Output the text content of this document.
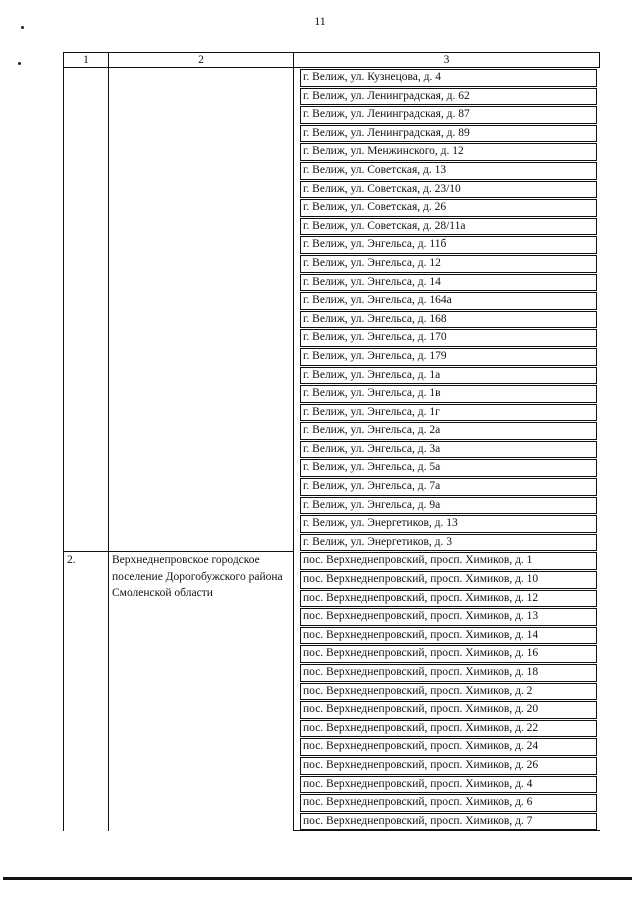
11
1	2	3

		г. Велиж, ул. Кузнецова, д. 4

		г. Велиж, ул. Ленинградская, д. 62

		г. Велиж, ул. Ленинградская, д. 87

		г. Велиж, ул. Ленинградская, д. 89

		г. Велиж, ул. Менжинского, д. 12

		г. Велиж, ул. Советская, д. 13

		г. Велиж, ул. Советская, д. 23/10

		г. Велиж, ул. Советская, д. 26

		г. Велиж, ул. Советская, д. 28/11а

		г. Велиж, ул. Энгельса, д. 11б

		г. Велиж, ул. Энгельса, д. 12

		г. Велиж, ул. Энгельса, д. 14

		г. Велиж, ул. Энгельса, д. 164а

		г. Велиж, ул. Энгельса, д. 168

		г. Велиж, ул. Энгельса, д. 170

		г. Велиж, ул. Энгельса, д. 179

		г. Велиж, ул. Энгельса, д. 1а

		г. Велиж, ул. Энгельса, д. 1в

		г. Велиж, ул. Энгельса, д. 1г

		г. Велиж, ул. Энгельса, д. 2а

		г. Велиж, ул. Энгельса, д. 3а

		г. Велиж, ул. Энгельса, д. 5а

		г. Велиж, ул. Энгельса, д. 7а

		г. Велиж, ул. Энгельса, д. 9а

		г. Велиж, ул. Энергетиков, д. 13

		г. Велиж, ул. Энергетиков, д. 3

2.	Верхнеднепровское городское поселение Дорогобужского района Смоленской области	пос. Верхнеднепровский, просп. Химиков, д. 1

		пос. Верхнеднепровский, просп. Химиков, д. 10

		пос. Верхнеднепровский, просп. Химиков, д. 12

		пос. Верхнеднепровский, просп. Химиков, д. 13

		пос. Верхнеднепровский, просп. Химиков, д. 14

		пос. Верхнеднепровский, просп. Химиков, д. 16

		пос. Верхнеднепровский, просп. Химиков, д. 18

		пос. Верхнеднепровский, просп. Химиков, д. 2

		пос. Верхнеднепровский, просп. Химиков, д. 20

		пос. Верхнеднепровский, просп. Химиков, д. 22

		пос. Верхнеднепровский, просп. Химиков, д. 24

		пос. Верхнеднепровский, просп. Химиков, д. 26

		пос. Верхнеднепровский, просп. Химиков, д. 4

		пос. Верхнеднепровский, просп. Химиков, д. 6

		пос. Верхнеднепровский, просп. Химиков, д. 7
